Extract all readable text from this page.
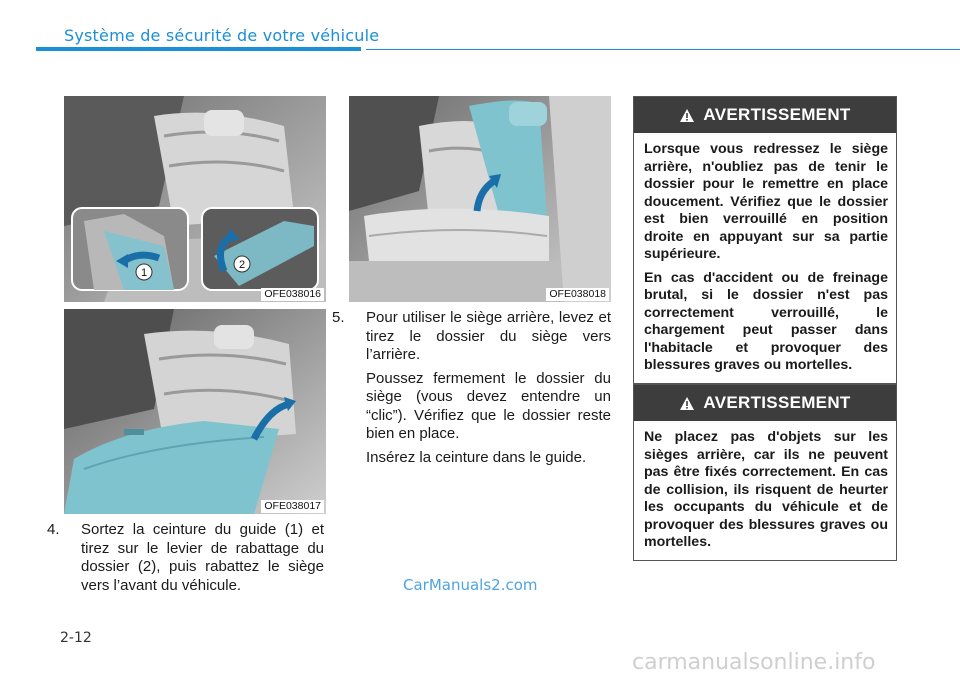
Système de sécurité de votre véhicule
1
2
OFE038016
OFE038017

4. Sortez la ceinture du guide (1) et tirez sur le levier de rabattage du dossier (2), puis rabattez le siège vers l’avant du véhicule.

OFE038018

5. Pour utiliser le siège arrière, levez et tirez le dossier du siège vers l’arrière.

Poussez fermement le dossier du siège (vous devez entendre un “clic”). Vérifiez que le dossier reste bien en place.

Insérez la ceinture dans le guide.

AVERTISSEMENT

Lorsque vous redressez le siège arrière, n'oubliez pas de tenir le dossier pour le remettre en place doucement. Vérifiez que le dossier est bien verrouillé en position droite en appuyant sur sa partie supérieure.

En cas d'accident ou de freinage brutal, si le dossier n'est pas correctement verrouillé, le chargement peut passer dans l'habitacle et provoquer des blessures graves ou mortelles.

AVERTISSEMENT

Ne placez pas d'objets sur les sièges arrière, car ils ne peuvent pas être fixés correctement. En cas de collision, ils risquent de heurter les occupants du véhicule et de provoquer des blessures graves ou mortelles.

CarManuals2.com
2-12
carmanualsonline.info
